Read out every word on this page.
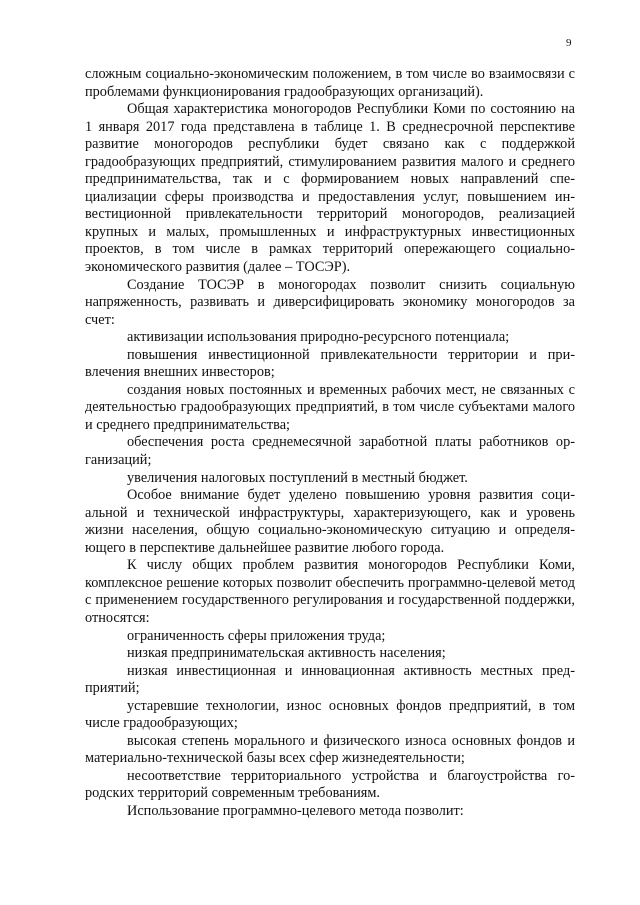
9

сложным социально-экономическим положением, в том числе во взаимосвязи с проблемами функционирования градообразующих организаций).

Общая характеристика моногородов Республики Коми по состоянию на 1 января 2017 года представлена в таблице 1. В среднесрочной перспективе развитие моногородов республики будет связано как с поддержкой градообразующих предприятий, стимулированием развития малого и среднего предпринимательства, так и с формированием новых направлений специализации сферы производства и предоставления услуг, повышением инвестиционной привлекательности территорий моногородов, реализацией крупных и малых, промышленных и инфраструктурных инвестиционных проектов, в том числе в рамках территорий опережающего социально-экономического развития (далее – ТОСЭР).

Создание ТОСЭР в моногородах позволит снизить социальную напряженность, развивать и диверсифицировать экономику моногородов за счет:

активизации использования природно-ресурсного потенциала;

повышения инвестиционной привлекательности территории и привлечения внешних инвесторов;

создания новых постоянных и временных рабочих мест, не связанных с деятельностью градообразующих предприятий, в том числе субъектами малого и среднего предпринимательства;

обеспечения роста среднемесячной заработной платы работников организаций;

увеличения налоговых поступлений в местный бюджет.

Особое внимание будет уделено повышению уровня развития социальной и технической инфраструктуры, характеризующего, как и уровень жизни населения, общую социально-экономическую ситуацию и определяющего в перспективе дальнейшее развитие любого города.

К числу общих проблем развития моногородов Республики Коми, комплексное решение которых позволит обеспечить программно-целевой метод с применением государственного регулирования и государственной поддержки, относятся:

ограниченность сферы приложения труда;

низкая предпринимательская активность населения;

низкая инвестиционная и инновационная активность местных предприятий;

устаревшие технологии, износ основных фондов предприятий, в том числе градообразующих;

высокая степень морального и физического износа основных фондов и материально-технической базы всех сфер жизнедеятельности;

несоответствие территориального устройства и благоустройства городских территорий современным требованиям.

Использование программно-целевого метода позволит:
